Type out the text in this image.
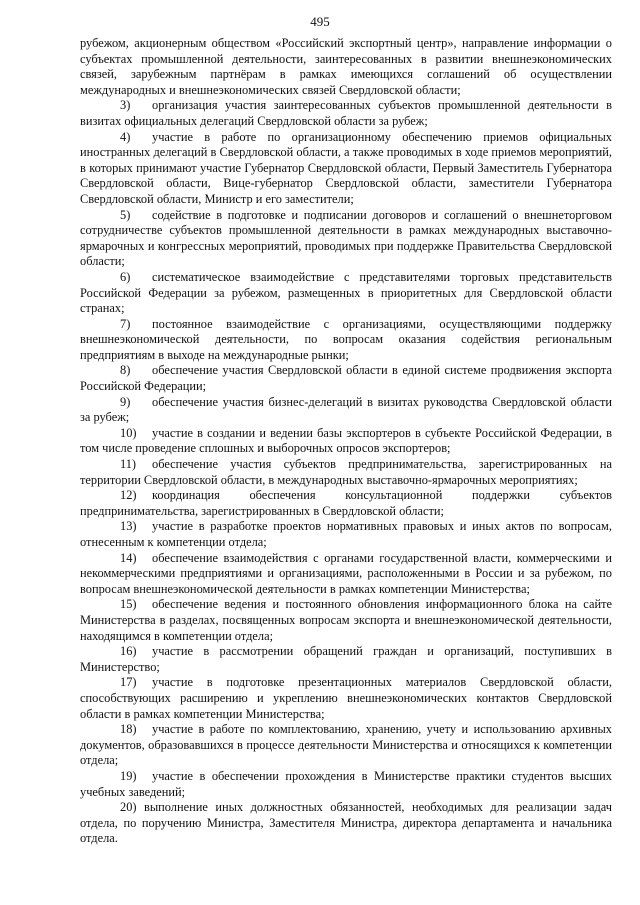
495

рубежом, акционерным обществом «Российский экспортный центр», направление информации о субъектах промышленной деятельности, заинтересованных в развитии внешнеэкономических связей, зарубежным партнёрам в рамках имеющихся соглашений об осуществлении международных и внешнеэкономических связей Свердловской области;

3) организация участия заинтересованных субъектов промышленной деятельности в визитах официальных делегаций Свердловской области за рубеж;

4) участие в работе по организационному обеспечению приемов официальных иностранных делегаций в Свердловской области, а также проводимых в ходе приемов мероприятий, в которых принимают участие Губернатор Свердловской области, Первый Заместитель Губернатора Свердловской области, Вице-губернатор Свердловской области, заместители Губернатора Свердловской области, Министр и его заместители;

5) содействие в подготовке и подписании договоров и соглашений о внешнеторговом сотрудничестве субъектов промышленной деятельности в рамках международных выставочно-ярмарочных и конгрессных мероприятий, проводимых при поддержке Правительства Свердловской области;

6) систематическое взаимодействие с представителями торговых представительств Российской Федерации за рубежом, размещенных в приоритетных для Свердловской области странах;

7) постоянное взаимодействие с организациями, осуществляющими поддержку внешнеэкономической деятельности, по вопросам оказания содействия региональным предприятиям в выходе на международные рынки;

8) обеспечение участия Свердловской области в единой системе продвижения экспорта Российской Федерации;

9) обеспечение участия бизнес-делегаций в визитах руководства Свердловской области за рубеж;

10) участие в создании и ведении базы экспортеров в субъекте Российской Федерации, в том числе проведение сплошных и выборочных опросов экспортеров;

11) обеспечение участия субъектов предпринимательства, зарегистрированных на территории Свердловской области, в международных выставочно-ярмарочных мероприятиях;

12) координация обеспечения консультационной поддержки субъектов предпринимательства, зарегистрированных в Свердловской области;

13) участие в разработке проектов нормативных правовых и иных актов по вопросам, отнесенным к компетенции отдела;

14) обеспечение взаимодействия с органами государственной власти, коммерческими и некоммерческими предприятиями и организациями, расположенными в России и за рубежом, по вопросам внешнеэкономической деятельности в рамках компетенции Министерства;

15) обеспечение ведения и постоянного обновления информационного блока на сайте Министерства в разделах, посвященных вопросам экспорта и внешнеэкономической деятельности, находящимся в компетенции отдела;

16) участие в рассмотрении обращений граждан и организаций, поступивших в Министерство;

17) участие в подготовке презентационных материалов Свердловской области, способствующих расширению и укреплению внешнеэкономических контактов Свердловской области в рамках компетенции Министерства;

18) участие в работе по комплектованию, хранению, учету и использованию архивных документов, образовавшихся в процессе деятельности Министерства и относящихся к компетенции отдела;

19) участие в обеспечении прохождения в Министерстве практики студентов высших учебных заведений;

20) выполнение иных должностных обязанностей, необходимых для реализации задач отдела, по поручению Министра, Заместителя Министра, директора департамента и начальника отдела.
